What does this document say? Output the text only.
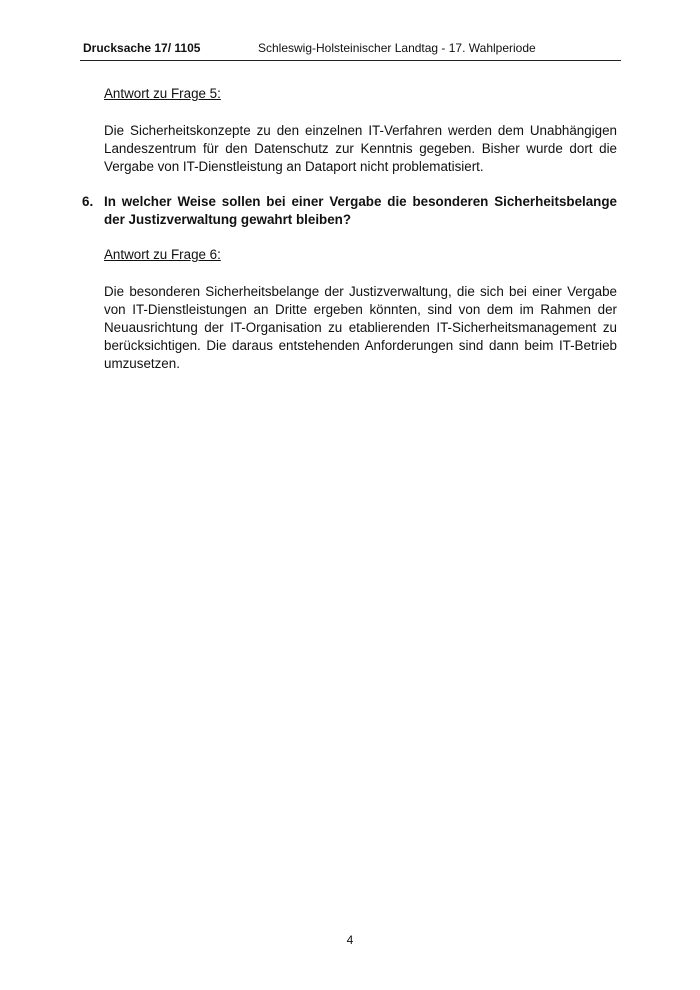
Drucksache 17/ 1105	Schleswig-Holsteinischer Landtag - 17. Wahlperiode
Antwort zu Frage 5:

Die Sicherheitskonzepte zu den einzelnen IT-Verfahren werden dem Unabhängigen Landeszentrum für den Datenschutz zur Kenntnis gegeben. Bisher wurde dort die Vergabe von IT-Dienstleistung an Dataport nicht problematisiert.

6. In welcher Weise sollen bei einer Vergabe die besonderen Sicherheitsbelange der Justizverwaltung gewahrt bleiben?
Antwort zu Frage 6:

Die besonderen Sicherheitsbelange der Justizverwaltung, die sich bei einer Vergabe von IT-Dienstleistungen an Dritte ergeben könnten, sind von dem im Rahmen der Neuausrichtung der IT-Organisation zu etablierenden IT-Sicherheitsmanagement zu berücksichtigen. Die daraus entstehenden Anforderungen sind dann beim IT-Betrieb umzusetzen.

4
